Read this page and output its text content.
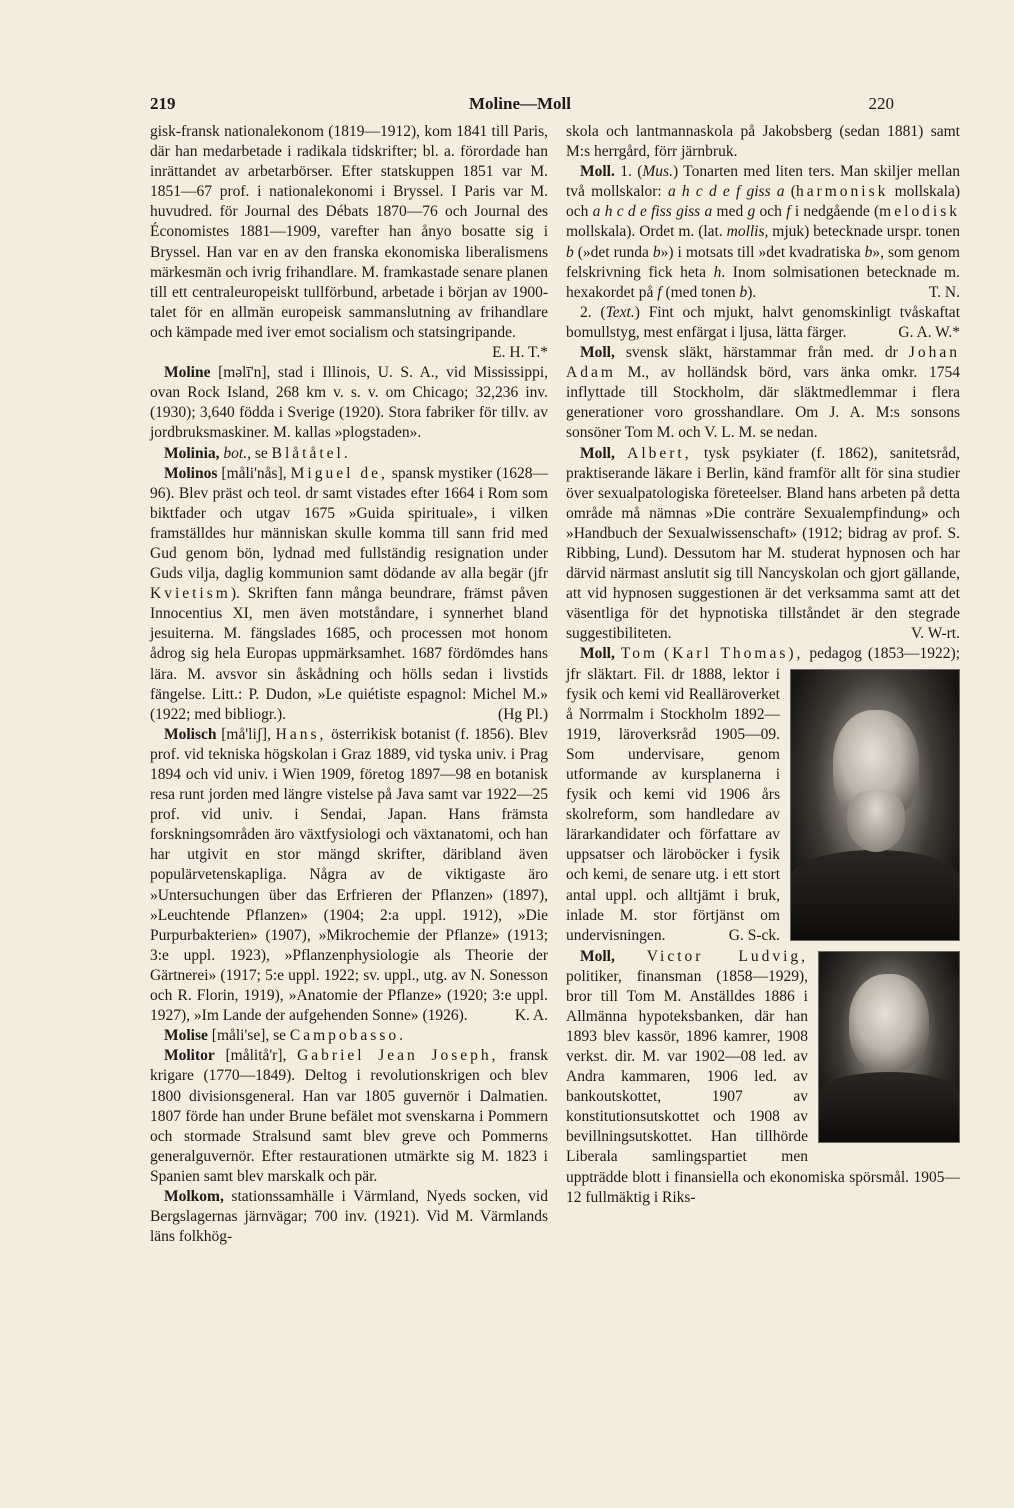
219	Moline—Moll	220

gisk-fransk nationalekonom (1819—1912), kom 1841 till Paris, där han medarbetade i radikala tidskrifter; bl. a. förordade han inrättandet av arbetarbörser. Efter statskuppen 1851 var M. 1851—67 prof. i nationalekonomi i Bryssel. I Paris var M. huvudred. för Journal des Débats 1870—76 och Journal des Économistes 1881—1909, varefter han ånyo bosatte sig i Bryssel. Han var en av den franska ekonomiska liberalismens märkesmän och ivrig frihandlare. M. framkastade senare planen till ett centraleuropeiskt tullförbund, arbetade i början av 1900-talet för en allmän europeisk sammanslutning av frihandlare och kämpade med iver emot socialism och statsingripande.
E. H. T.*

Moline [məlī'n], stad i Illinois, U. S. A., vid Mississippi, ovan Rock Island, 268 km v. s. v. om Chicago; 32,236 inv. (1930); 3,640 födda i Sverige (1920). Stora fabriker för tillv. av jordbruksmaskiner. M. kallas »plogstaden».

Molinia, bot., se Blåtåtel.

Molinos [måli'nås], Miguel de, spansk mystiker (1628—96). Blev präst och teol. dr samt vistades efter 1664 i Rom som biktfader och utgav 1675 »Guida spirituale», i vilken framställdes hur människan skulle komma till sann frid med Gud genom bön, lydnad med fullständig resignation under Guds vilja, daglig kommunion samt dödande av alla begär (jfr Kvietism). Skriften fann många beundrare, främst påven Innocentius XI, men även motståndare, i synnerhet bland jesuiterna. M. fängslades 1685, och processen mot honom ådrog sig hela Europas uppmärksamhet. 1687 fördömdes hans lära. M. avsvor sin åskådning och hölls sedan i livstids fängelse. Litt.: P. Dudon, »Le quiétiste espagnol: Michel M.» (1922; med bibliogr.).	(Hg Pl.)

Molisch [må'liʃ], Hans, österrikisk botanist (f. 1856). Blev prof. vid tekniska högskolan i Graz 1889, vid tyska univ. i Prag 1894 och vid univ. i Wien 1909, företog 1897—98 en botanisk resa runt jorden med längre vistelse på Java samt var 1922—25 prof. vid univ. i Sendai, Japan. Hans främsta forskningsområden äro växtfysiologi och växtanatomi, och han har utgivit en stor mängd skrifter, däribland även populärvetenskapliga. Några av de viktigaste äro »Untersuchungen über das Erfrieren der Pflanzen» (1897), »Leuchtende Pflanzen» (1904; 2:a uppl. 1912), »Die Purpurbakterien» (1907), »Mikrochemie der Pflanze» (1913; 3:e uppl. 1923), »Pflanzenphysiologie als Theorie der Gärtnerei» (1917; 5:e uppl. 1922; sv. uppl., utg. av N. Sonesson och R. Florin, 1919), »Anatomie der Pflanze» (1920; 3:e uppl. 1927), »Im Lande der aufgehenden Sonne» (1926).	K. A.

Molise [måli'se], se Campobasso.

Molitor [målitå'r], Gabriel Jean Joseph, fransk krigare (1770—1849). Deltog i revolutionskrigen och blev 1800 divisionsgeneral. Han var 1805 guvernör i Dalmatien. 1807 förde han under Brune befälet mot svenskarna i Pommern och stormade Stralsund samt blev greve och Pommerns generalguvernör. Efter restaurationen utmärkte sig M. 1823 i Spanien samt blev marskalk och pär.

Molkom, stationssamhälle i Värmland, Nyeds socken, vid Bergslagernas järnvägar; 700 inv. (1921). Vid M. Värmlands läns folkhög-

skola och lantmannaskola på Jakobsberg (sedan 1881) samt M:s herrgård, förr järnbruk.

Moll. 1. (Mus.) Tonarten med liten ters. Man skiljer mellan två mollskalor: a h c d e f giss a (harmonisk mollskala) och a h c d e fiss giss a med g och f i nedgående (melodisk mollskala). Ordet m. (lat. mollis, mjuk) betecknade urspr. tonen b (»det runda b») i motsats till »det kvadratiska b», som genom felskrivning fick heta h. Inom solmisationen betecknade m. hexakordet på f (med tonen b).	T. N.

2. (Text.) Fint och mjukt, halvt genomskinligt tvåskaftat bomullstyg, mest enfärgat i ljusa, lätta färger.	G. A. W.*

Moll, svensk släkt, härstammar från med. dr Johan Adam M., av holländsk börd, vars änka omkr. 1754 inflyttade till Stockholm, där släktmedlemmar i flera generationer voro grosshandlare. Om J. A. M:s sonsons sonsöner Tom M. och V. L. M. se nedan.

Moll, Albert, tysk psykiater (f. 1862), sanitetsråd, praktiserande läkare i Berlin, känd framför allt för sina studier över sexualpatologiska företeelser. Bland hans arbeten på detta område må nämnas »Die conträre Sexualempfindung» och »Handbuch der Sexualwissenschaft» (1912; bidrag av prof. S. Ribbing, Lund). Dessutom har M. studerat hypnosen och har därvid närmast anslutit sig till Nancyskolan och gjort gällande, att vid hypnosen suggestionen är det verksamma samt att det väsentliga för det hypnotiska tillståndet är den stegrade suggestibiliteten.	V. W-rt.

Moll, Tom (Karl Thomas),
pedagog (1853—1922); jfr släktart. Fil. dr 1888, lektor i fysik och kemi vid Realläroverket å Norrmalm i Stockholm 1892—1919, läroverksråd 1905—09. Som undervisare, genom utformande av kursplanerna i fysik och kemi vid 1906 års skolreform, som handledare av lärarkandidater och författare av uppsatser och läroböcker i fysik och kemi, de senare utg. i ett stort antal uppl. och alltjämt i bruk, inlade M. stor förtjänst om undervisningen.	G. S-ck.

Moll, Victor Ludvig,
politiker, finansman (1858—1929), bror till Tom M. Anställdes 1886 i Allmänna hypoteksbanken, där han 1893 blev kassör, 1896 kamrer, 1908 verkst. dir. M. var 1902—08 led. av Andra kammaren, 1906 led. av bankoutskottet, 1907 av konstitutionsutskottet och 1908 av bevillningsutskottet. Han tillhörde Liberala samlingspartiet men uppträdde blott i finansiella och ekonomiska spörsmål. 1905—12 fullmäktig i Riks-
